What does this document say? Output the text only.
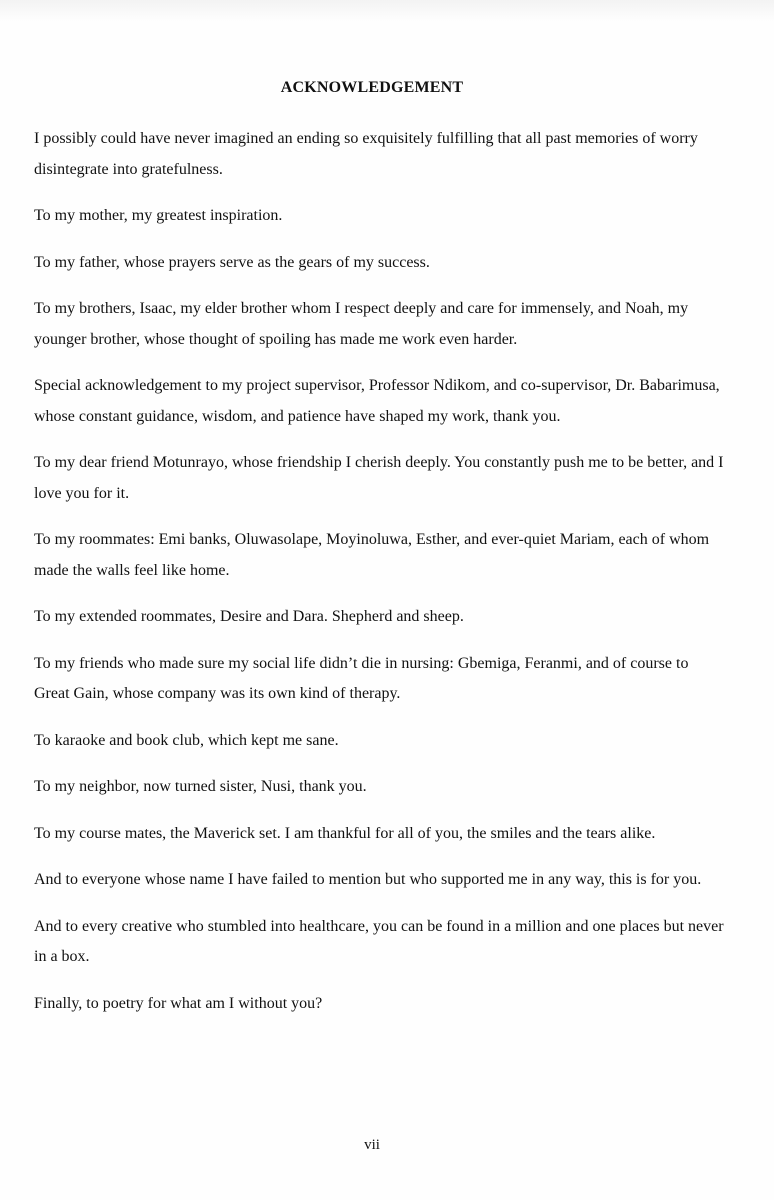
ACKNOWLEDGEMENT

I possibly could have never imagined an ending so exquisitely fulfilling that all past memories of worry disintegrate into gratefulness.

To my mother, my greatest inspiration.

To my father, whose prayers serve as the gears of my success.

To my brothers, Isaac, my elder brother whom I respect deeply and care for immensely, and Noah, my younger brother, whose thought of spoiling has made me work even harder.

Special acknowledgement to my project supervisor, Professor Ndikom, and co-supervisor, Dr. Babarimusa, whose constant guidance, wisdom, and patience have shaped my work, thank you.

To my dear friend Motunrayo, whose friendship I cherish deeply. You constantly push me to be better, and I love you for it.

To my roommates: Emi banks, Oluwasolape, Moyinoluwa, Esther, and ever-quiet Mariam, each of whom made the walls feel like home.

To my extended roommates, Desire and Dara. Shepherd and sheep.

To my friends who made sure my social life didn’t die in nursing: Gbemiga, Feranmi, and of course to Great Gain, whose company was its own kind of therapy.

To karaoke and book club, which kept me sane.

To my neighbor, now turned sister, Nusi, thank you.

To my course mates, the Maverick set. I am thankful for all of you, the smiles and the tears alike.

And to everyone whose name I have failed to mention but who supported me in any way, this is for you.

And to every creative who stumbled into healthcare, you can be found in a million and one places but never in a box.

Finally, to poetry for what am I without you?

vii
